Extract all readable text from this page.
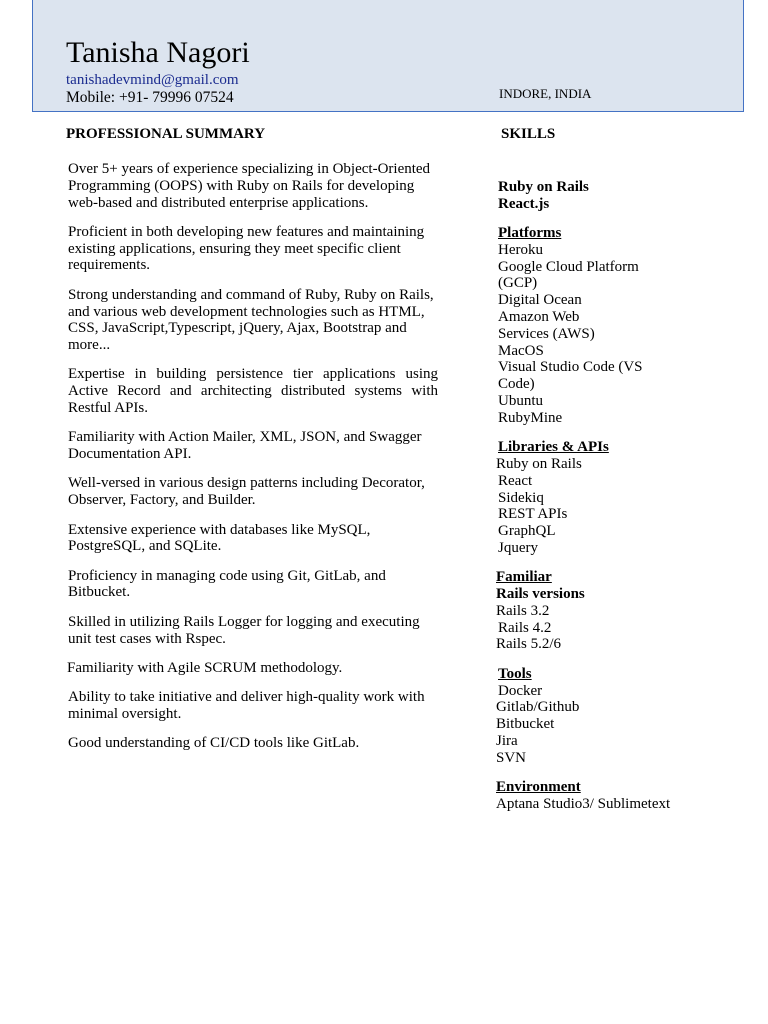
Tanisha Nagori
tanishadevmind@gmail.com
Mobile: +91- 79996 07524	INDORE, INDIA
PROFESSIONAL SUMMARY	SKILLS

Over 5+ years of experience specializing in Object-Oriented Programming (OOPS) with Ruby on Rails for developing web-based and distributed enterprise applications.

Proficient in both developing new features and maintaining existing applications, ensuring they meet specific client requirements.

Strong understanding and command of Ruby, Ruby on Rails, and various web development technologies such as HTML, CSS, JavaScript,Typescript, jQuery, Ajax, Bootstrap and more...

Expertise in building persistence tier applications using Active Record and architecting distributed systems with Restful APIs.

Familiarity with Action Mailer, XML, JSON, and Swagger Documentation API.

Well-versed in various design patterns including Decorator, Observer, Factory, and Builder.

Extensive experience with databases like MySQL, PostgreSQL, and SQLite.

Proficiency in managing code using Git, GitLab, and Bitbucket.

Skilled in utilizing Rails Logger for logging and executing unit test cases with Rspec.

Familiarity with Agile SCRUM methodology.

Ability to take initiative and deliver high-quality work with minimal oversight.

Good understanding of CI/CD tools like GitLab.

Ruby on Rails
React.js
Platforms
Heroku
Google Cloud Platform (GCP)
Digital Ocean
Amazon Web Services (AWS)
MacOS
Visual Studio Code (VS Code)
Ubuntu
RubyMine
Libraries & APIs
Ruby on Rails
React
Sidekiq
REST APIs
GraphQL
Jquery
Familiar
Rails versions
Rails 3.2
Rails 4.2
Rails 5.2/6
Tools
Docker
Gitlab/Github
Bitbucket
Jira
SVN
Environment
Aptana Studio3/ Sublimetext
